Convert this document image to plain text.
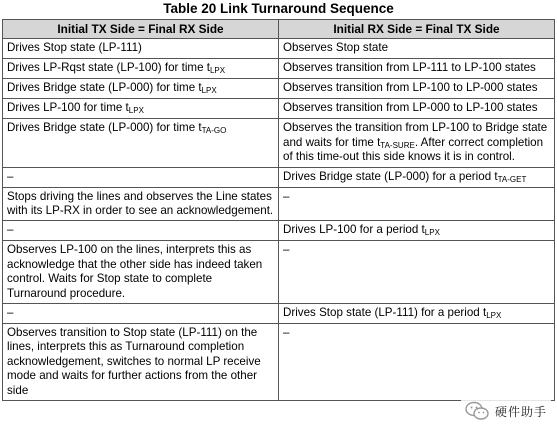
Table 20 Link Turnaround Sequence
Initial TX Side = Final RX Side	Initial RX Side = Final TX Side
Drives Stop state (LP-111)	Observes Stop state
Drives LP-Rqst state (LP-100) for time $t_{LPX}$	Observes transition from LP-111 to LP-100 states
Drives Bridge state (LP-000) for time $t_{LPX}$	Observes transition from LP-100 to LP-000 states
Drives LP-100 for time $t_{LPX}$	Observes transition from LP-000 to LP-100 states
Drives Bridge state (LP-000) for time $t_{TA-GO}$	Observes the transition from LP-100 to Bridge state and waits for time $t_{TA-SURE}$. After correct completion of this time-out this side knows it is in control.
–	Drives Bridge state (LP-000) for a period $t_{TA-GET}$
Stops driving the lines and observes the Line states with its LP-RX in order to see an acknowledgement.	–
–	Drives LP-100 for a period $t_{LPX}$
Observes LP-100 on the lines, interprets this as acknowledge that the other side has indeed taken control. Waits for Stop state to complete Turnaround procedure.	–
–	Drives Stop state (LP-111) for a period $t_{LPX}$
Observes transition to Stop state (LP-111) on the lines, interprets this as Turnaround completion acknowledgement, switches to normal LP receive mode and waits for further actions from the other side	–
硬件助手
